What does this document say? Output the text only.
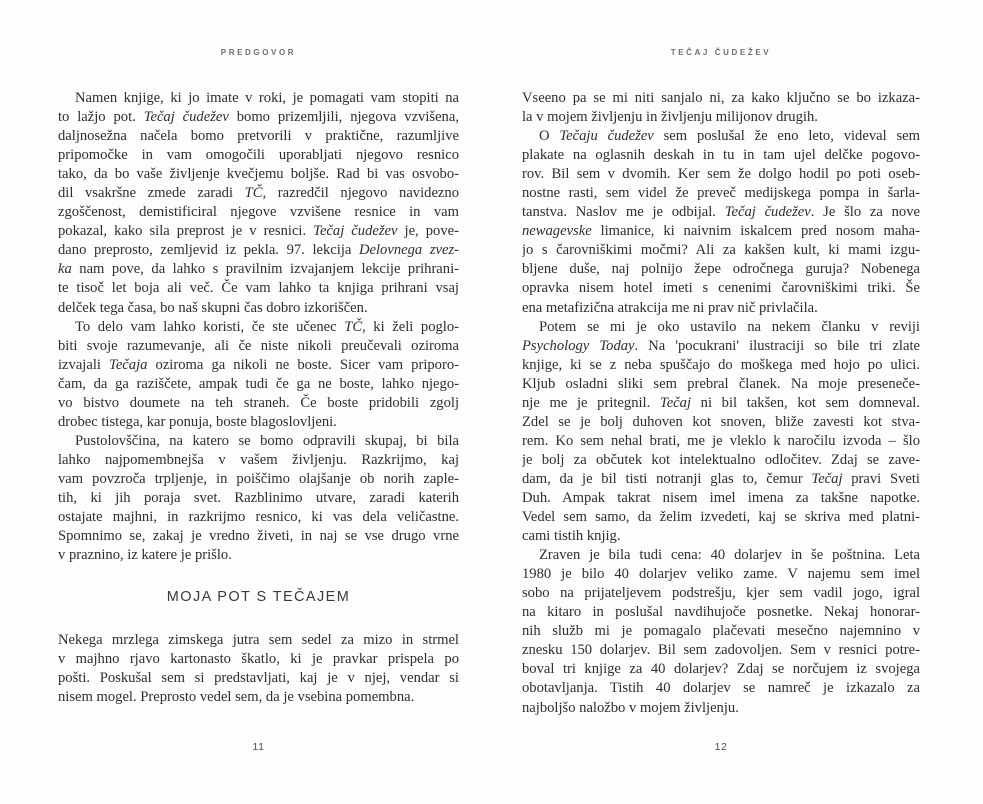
PREDGOVOR
Namen knjige, ki jo imate v roki, je pomagati vam stopiti na
to lažjo pot. Tečaj čudežev bomo prizemljili, njegova vzvišena,
daljnosežna načela bomo pretvorili v praktične, razumljive
pripomočke in vam omogočili uporabljati njegovo resnico
tako, da bo vaše življenje kvečjemu boljše. Rad bi vas osvobo-
dil vsakršne zmede zaradi TČ, razredčil njegovo navidezno
zgoščenost, demistificiral njegove vzvišene resnice in vam
pokazal, kako sila preprost je v resnici. Tečaj čudežev je, pove-
dano preprosto, zemljevid iz pekla. 97. lekcija Delovnega zvez-
ka nam pove, da lahko s pravilnim izvajanjem lekcije prihrani-
te tisoč let boja ali več. Če vam lahko ta knjiga prihrani vsaj
delček tega časa, bo naš skupni čas dobro izkoriščen.
To delo vam lahko koristi, če ste učenec TČ, ki želi poglo-
biti svoje razumevanje, ali če niste nikoli preučevali oziroma
izvajali Tečaja oziroma ga nikoli ne boste. Sicer vam priporo-
čam, da ga raziščete, ampak tudi če ga ne boste, lahko njego-
vo bistvo doumete na teh straneh. Če boste pridobili zgolj
drobec tistega, kar ponuja, boste blagoslovljeni.
Pustolovščina, na katero se bomo odpravili skupaj, bi bila
lahko najpomembnejša v vašem življenju. Razkrijmo, kaj
vam povzroča trpljenje, in poiščimo olajšanje ob norih zaple-
tih, ki jih poraja svet. Razblinimo utvare, zaradi katerih
ostajate majhni, in razkrijmo resnico, ki vas dela veličastne.
Spomnimo se, zakaj je vredno živeti, in naj se vse drugo vrne
v praznino, iz katere je prišlo.
MOJA POT S TEČAJEM
Nekega mrzlega zimskega jutra sem sedel za mizo in strmel
v majhno rjavo kartonasto škatlo, ki je pravkar prispela po
pošti. Poskušal sem si predstavljati, kaj je v njej, vendar si
nisem mogel. Preprosto vedel sem, da je vsebina pomembna.
11
TEČAJ ČUDEŽEV
Vseeno pa se mi niti sanjalo ni, za kako ključno se bo izkaza-
la v mojem življenju in življenju milijonov drugih.
O Tečaju čudežev sem poslušal že eno leto, videval sem
plakate na oglasnih deskah in tu in tam ujel delčke pogovo-
rov. Bil sem v dvomih. Ker sem že dolgo hodil po poti oseb-
nostne rasti, sem videl že preveč medijskega pompa in šarla-
tanstva. Naslov me je odbijal. Tečaj čudežev. Je šlo za nove
newagevske limanice, ki naivnim iskalcem pred nosom maha-
jo s čarovniškimi močmi? Ali za kakšen kult, ki mami izgu-
bljene duše, naj polnijo žepe odročnega guruja? Nobenega
opravka nisem hotel imeti s cenenimi čarovniškimi triki. Še
ena metafizična atrakcija me ni prav nič privlačila.
Potem se mi je oko ustavilo na nekem članku v reviji
Psychology Today. Na 'pocukrani' ilustraciji so bile tri zlate
knjige, ki se z neba spuščajo do moškega med hojo po ulici.
Kljub osladni sliki sem prebral članek. Na moje preseneče-
nje me je pritegnil. Tečaj ni bil takšen, kot sem domneval.
Zdel se je bolj duhoven kot snoven, bliže zavesti kot stva-
rem. Ko sem nehal brati, me je vleklo k naročilu izvoda – šlo
je bolj za občutek kot intelektualno odločitev. Zdaj se zave-
dam, da je bil tisti notranji glas to, čemur Tečaj pravi Sveti
Duh. Ampak takrat nisem imel imena za takšne napotke.
Vedel sem samo, da želim izvedeti, kaj se skriva med platni-
cami tistih knjig.
Zraven je bila tudi cena: 40 dolarjev in še poštnina. Leta
1980 je bilo 40 dolarjev veliko zame. V najemu sem imel
sobo na prijateljevem podstrešju, kjer sem vadil jogo, igral
na kitaro in poslušal navdihujoče posnetke. Nekaj honorar-
nih služb mi je pomagalo plačevati mesečno najemnino v
znesku 150 dolarjev. Bil sem zadovoljen. Sem v resnici potre-
boval tri knjige za 40 dolarjev? Zdaj se norčujem iz svojega
obotavljanja. Tistih 40 dolarjev se namreč je izkazalo za
najboljšo naložbo v mojem življenju.
12
